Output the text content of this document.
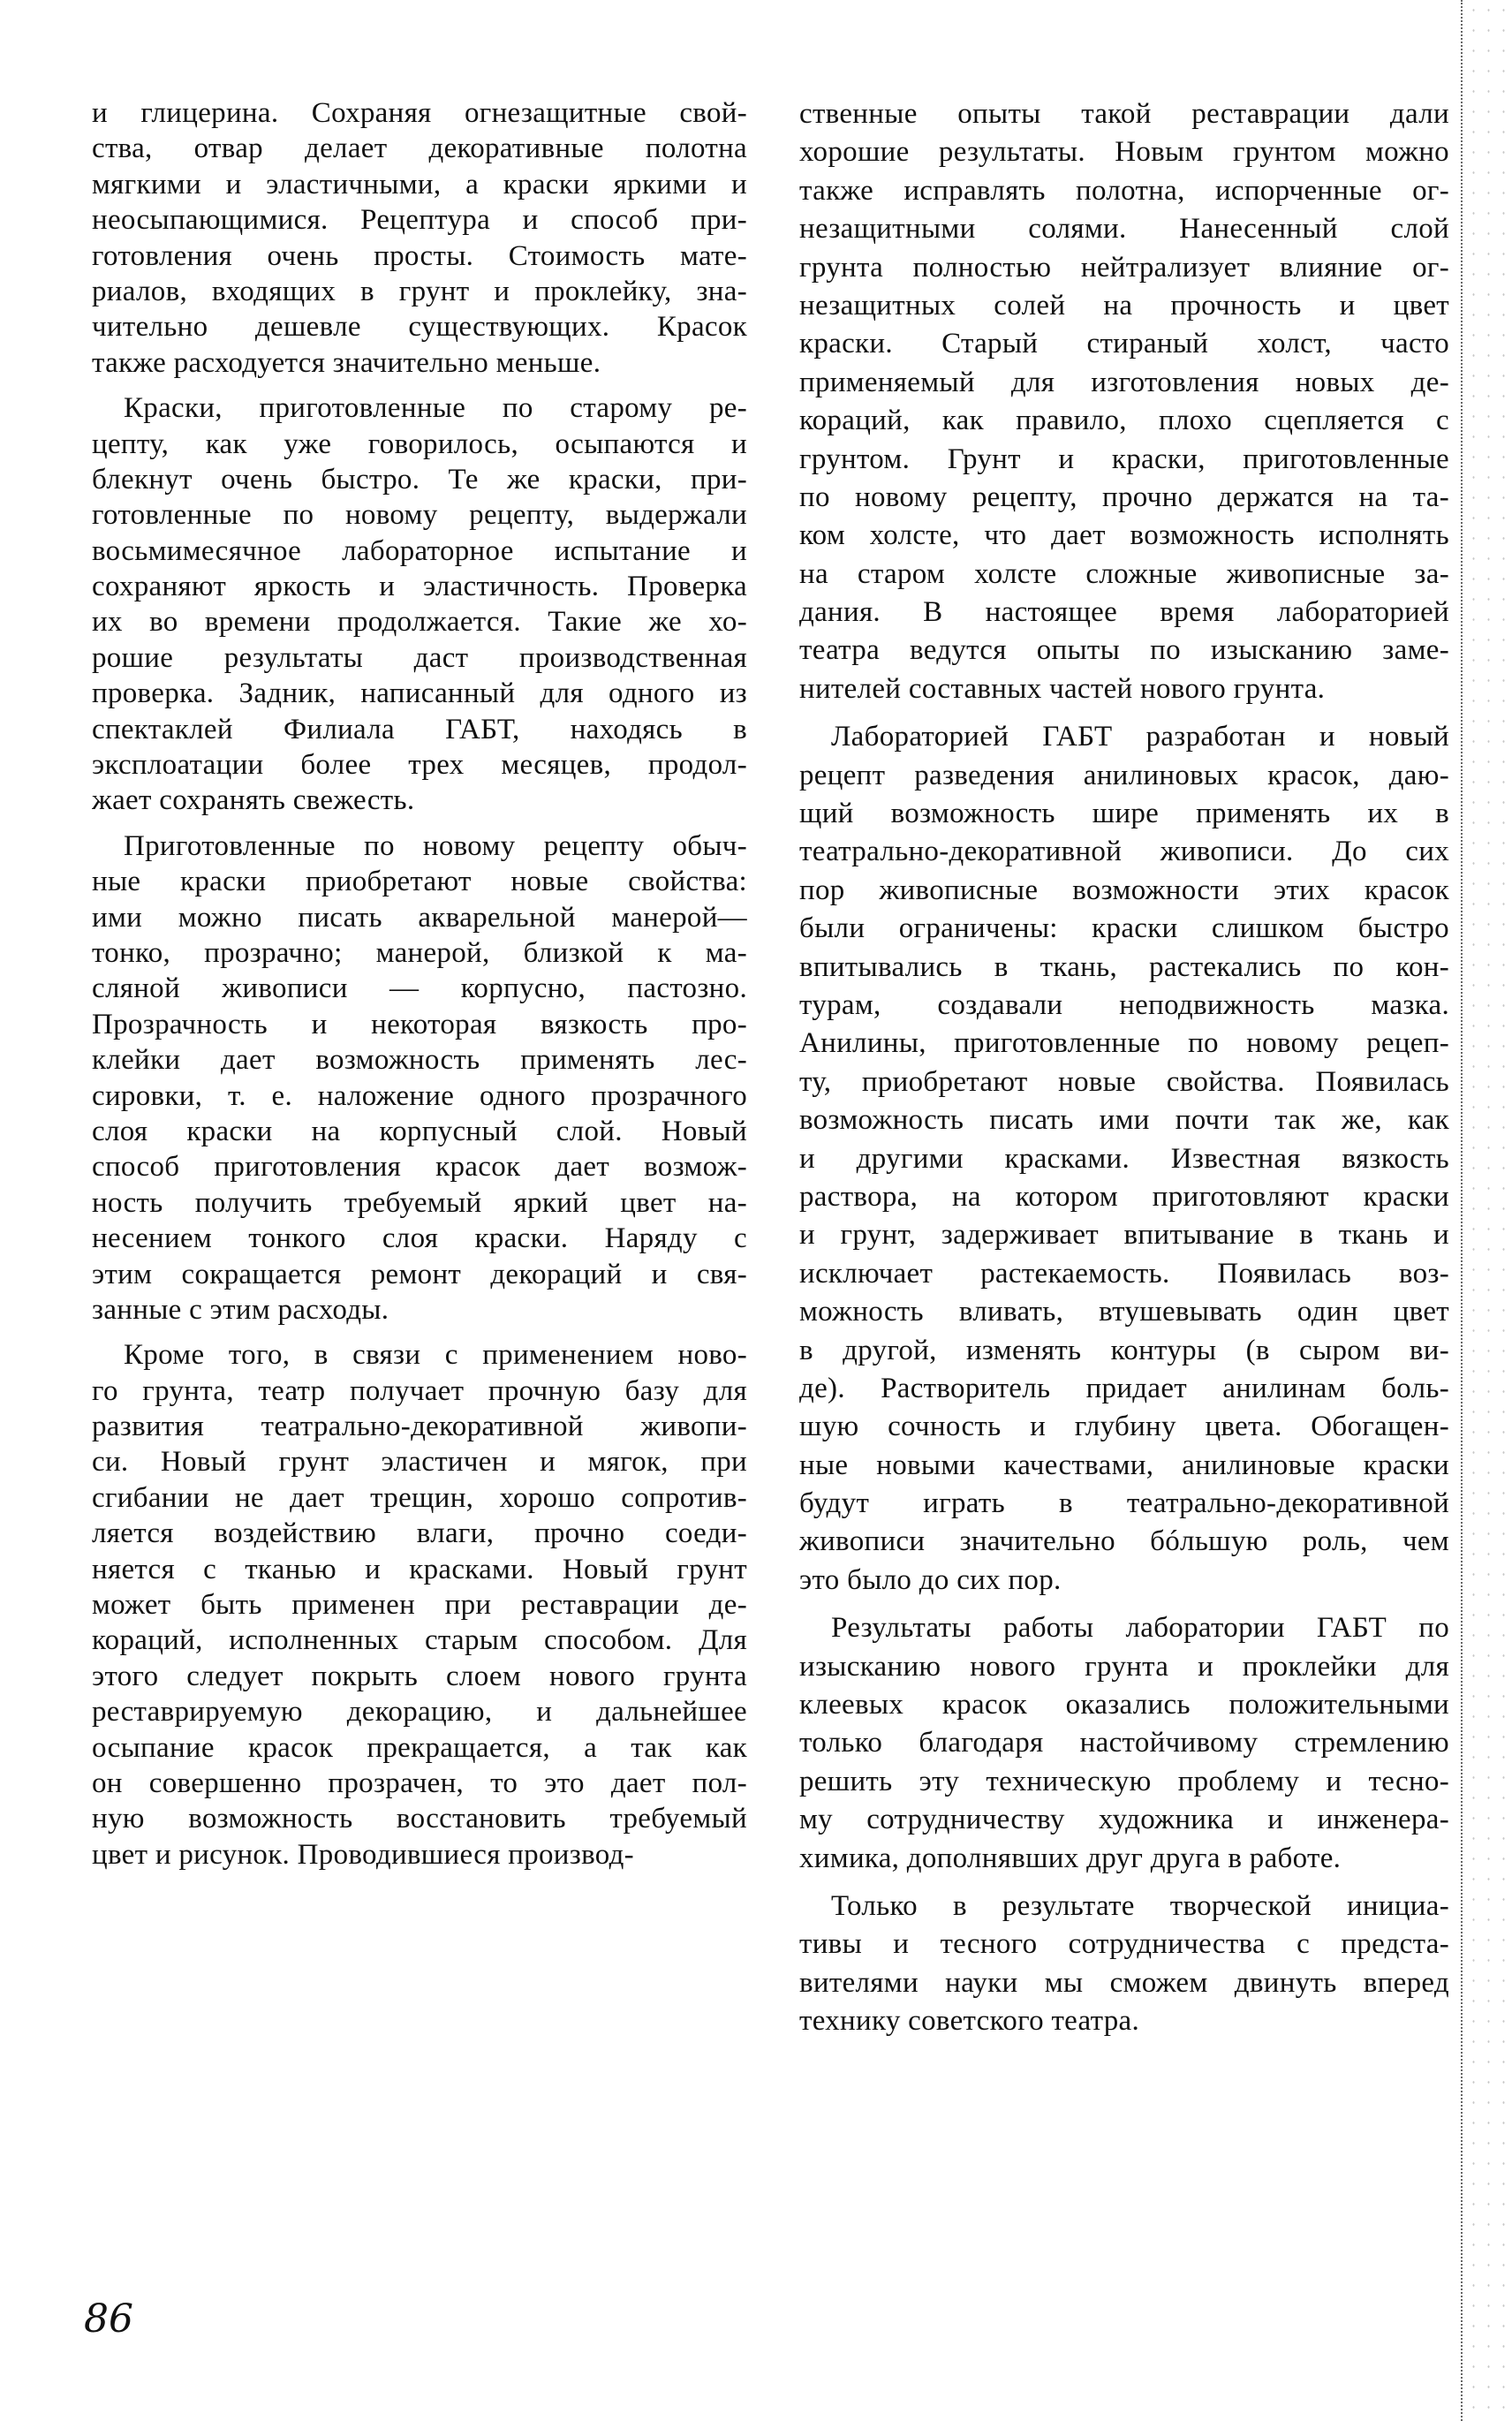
и глицерина. Сохраняя огнезащитные свой-
ства, отвар делает декоративные полотна
мягкими и эластичными, а краски яркими и
неосыпающимися. Рецептура и способ при-
готовления очень просты. Стоимость мате-
риалов, входящих в грунт и проклейку, зна-
чительно дешевле существующих. Красок
также расходуется значительно меньше.
Краски, приготовленные по старому ре-
цепту, как уже говорилось, осыпаются и
блекнут очень быстро. Те же краски, при-
готовленные по новому рецепту, выдержали
восьмимесячное лабораторное испытание и
сохраняют яркость и эластичность. Проверка
их во времени продолжается. Такие же хо-
рошие результаты даст производственная
проверка. Задник, написанный для одного из
спектаклей Филиала ГАБТ, находясь в
эксплоатации более трех месяцев, продол-
жает сохранять свежесть.
Приготовленные по новому рецепту обыч-
ные краски приобретают новые свойства:
ими можно писать акварельной манерой—
тонко, прозрачно; манерой, близкой к ма-
сляной живописи — корпусно, пастозно.
Прозрачность и некоторая вязкость про-
клейки дает возможность применять лес-
сировки, т. е. наложение одного прозрачного
слоя краски на корпусный слой. Новый
способ приготовления красок дает возмож-
ность получить требуемый яркий цвет на-
несением тонкого слоя краски. Наряду с
этим сокращается ремонт декораций и свя-
занные с этим расходы.
Кроме того, в связи с применением ново-
го грунта, театр получает прочную базу для
развития театрально-декоративной живопи-
си. Новый грунт эластичен и мягок, при
сгибании не дает трещин, хорошо сопротив-
ляется воздействию влаги, прочно соеди-
няется с тканью и красками. Новый грунт
может быть применен при реставрации де-
кораций, исполненных старым способом. Для
этого следует покрыть слоем нового грунта
реставрируемую декорацию, и дальнейшее
осыпание красок прекращается, а так как
он совершенно прозрачен, то это дает пол-
ную возможность восстановить требуемый
цвет и рисунок. Проводившиеся производ-
ственные опыты такой реставрации дали
хорошие результаты. Новым грунтом можно
также исправлять полотна, испорченные ог-
незащитными солями. Нанесенный слой
грунта полностью нейтрализует влияние ог-
незащитных солей на прочность и цвет
краски. Старый стираный холст, часто
применяемый для изготовления новых де-
кораций, как правило, плохо сцепляется с
грунтом. Грунт и краски, приготовленные
по новому рецепту, прочно держатся на та-
ком холсте, что дает возможность исполнять
на старом холсте сложные живописные за-
дания. В настоящее время лабораторией
театра ведутся опыты по изысканию заме-
нителей составных частей нового грунта.
Лабораторией ГАБТ разработан и новый
рецепт разведения анилиновых красок, даю-
щий возможность шире применять их в
театрально-декоративной живописи. До сих
пор живописные возможности этих красок
были ограничены: краски слишком быстро
впитывались в ткань, растекались по кон-
турам, создавали неподвижность мазка.
Анилины, приготовленные по новому рецеп-
ту, приобретают новые свойства. Появилась
возможность писать ими почти так же, как
и другими красками. Известная вязкость
раствора, на котором приготовляют краски
и грунт, задерживает впитывание в ткань и
исключает растекаемость. Появилась воз-
можность вливать, втушевывать один цвет
в другой, изменять контуры (в сыром ви-
де). Растворитель придает анилинам боль-
шую сочность и глубину цвета. Обогащен-
ные новыми качествами, анилиновые краски
будут играть в театрально-декоративной
живописи значительно бóльшую роль, чем
это было до сих пор.
Результаты работы лаборатории ГАБТ по
изысканию нового грунта и проклейки для
клеевых красок оказались положительными
только благодаря настойчивому стремлению
решить эту техническую проблему и тесно-
му сотрудничеству художника и инженера-
химика, дополнявших друг друга в работе.
Только в результате творческой инициа-
тивы и тесного сотрудничества с предста-
вителями науки мы сможем двинуть вперед
технику советского театра.
86
